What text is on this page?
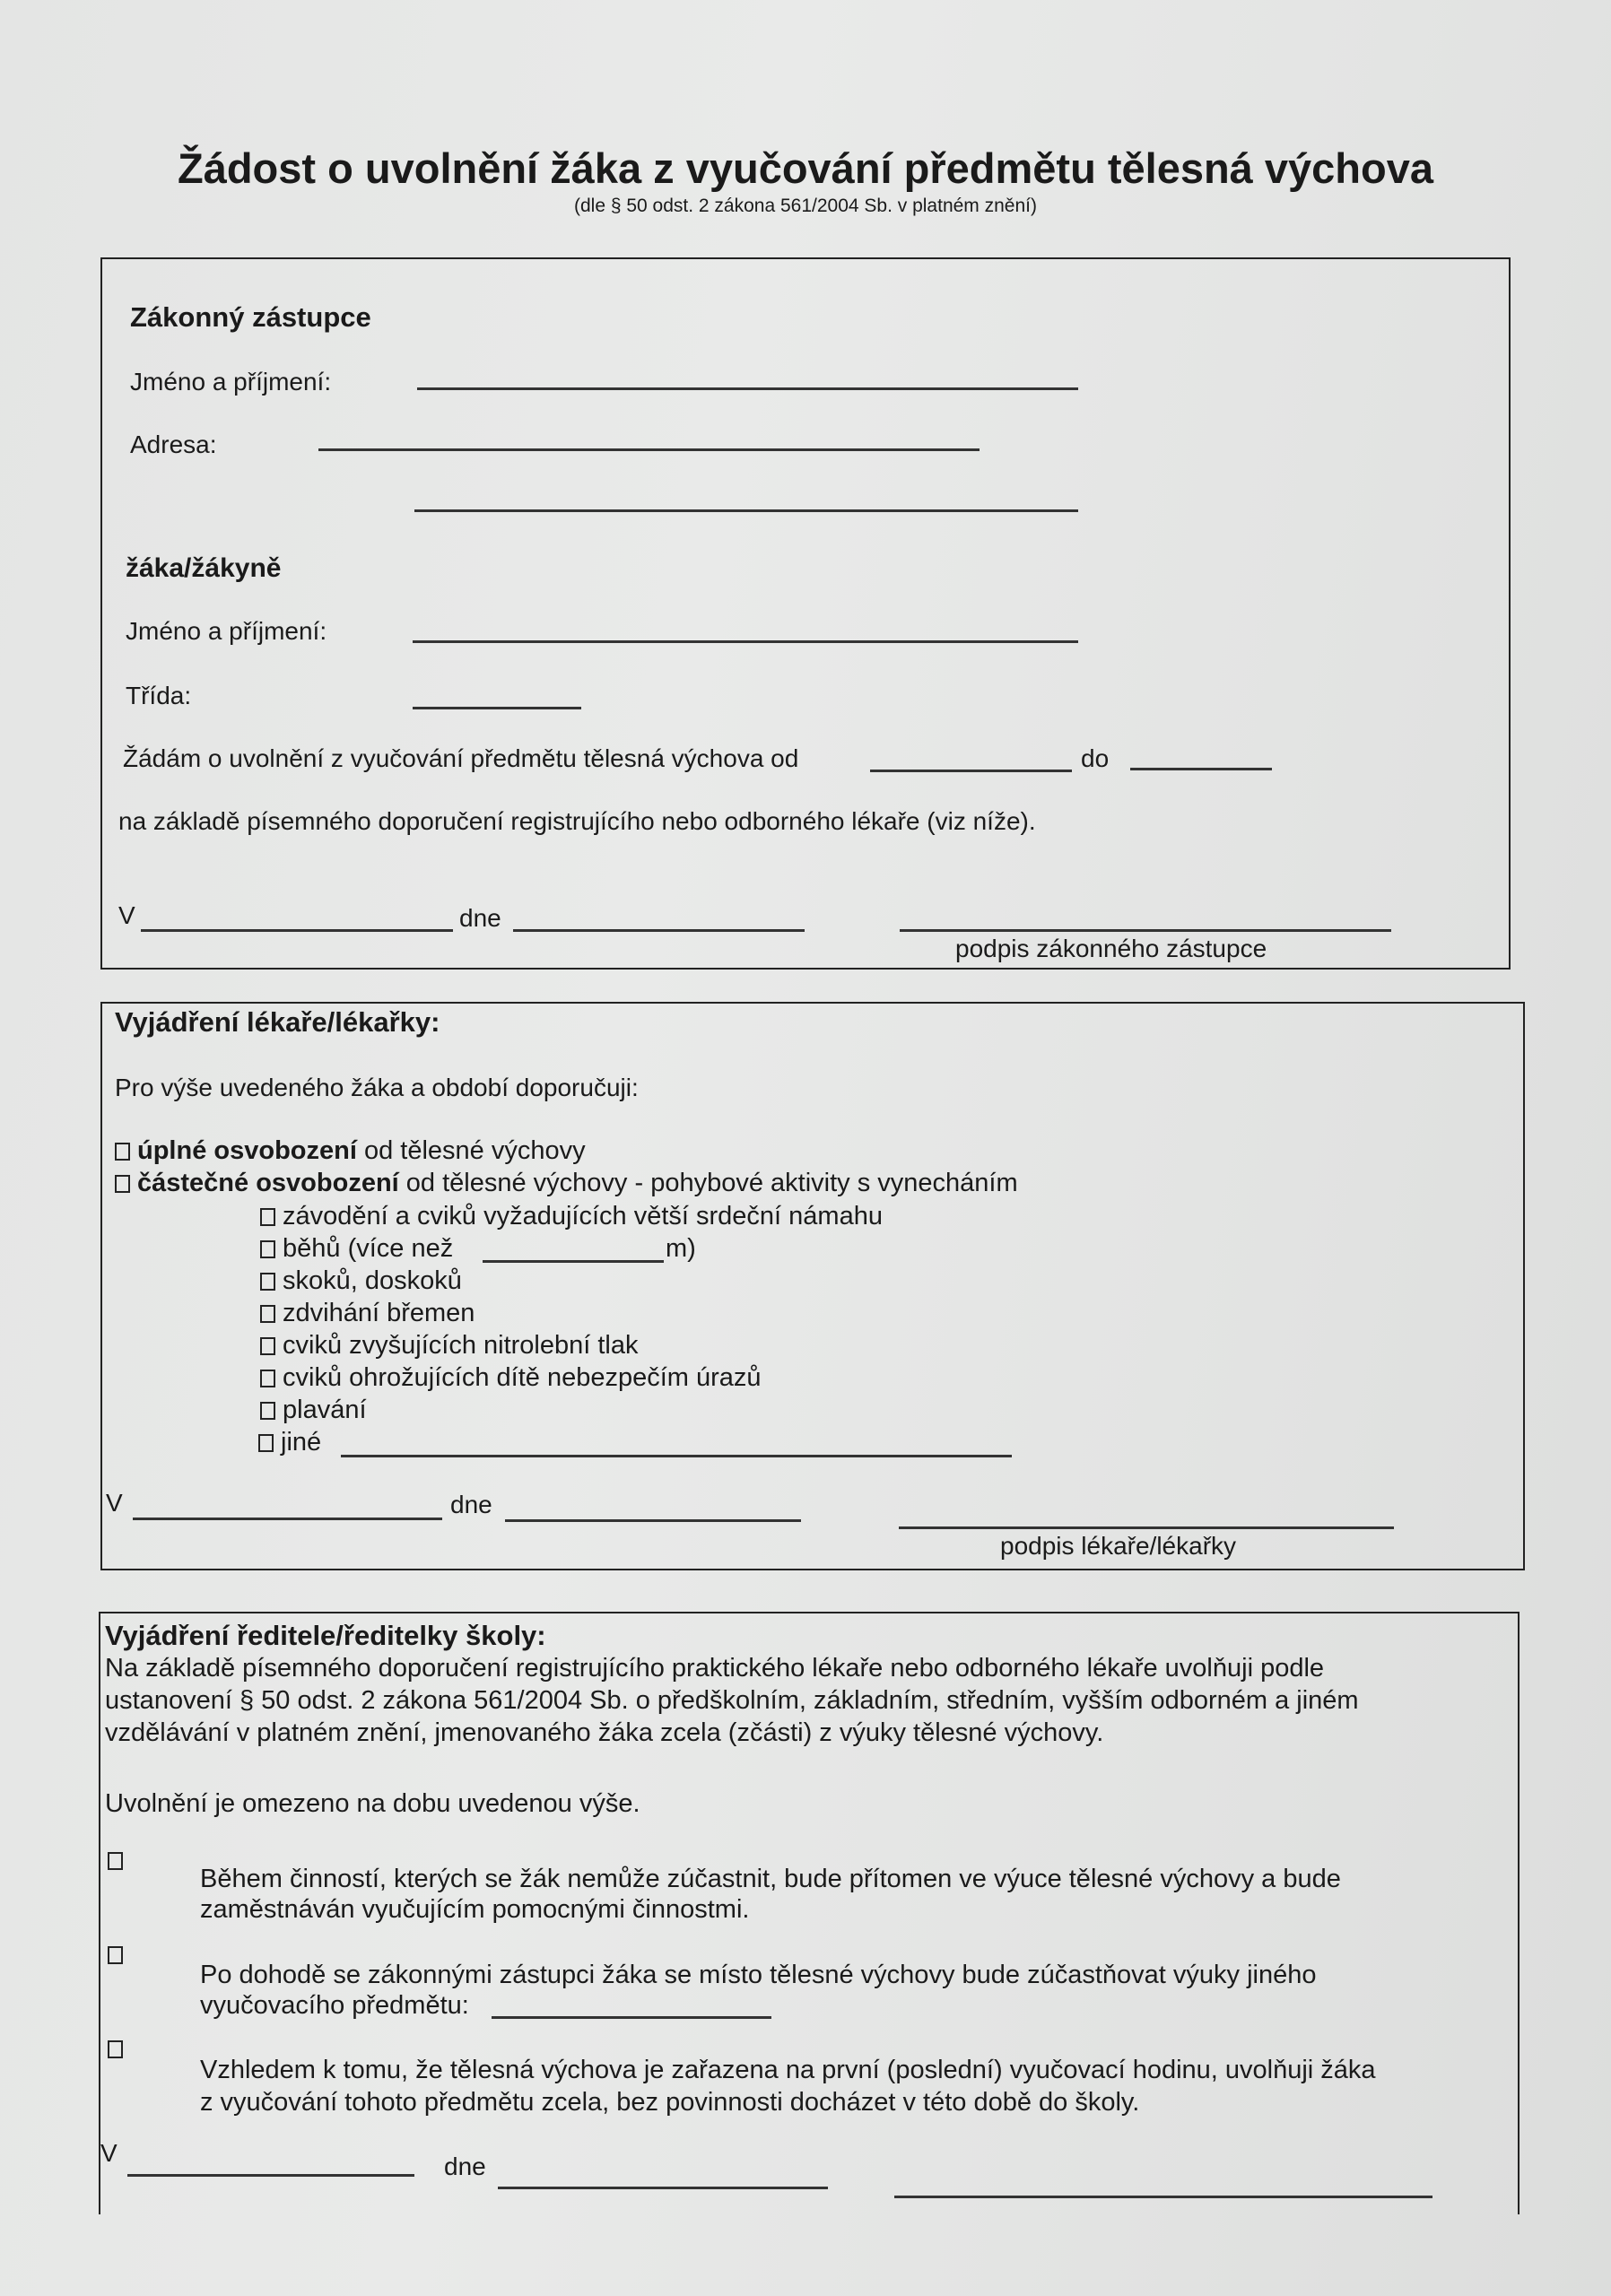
Žádost o uvolnění žáka z vyučování předmětu tělesná výchova
(dle § 50 odst. 2 zákona 561/2004 Sb. v platném znění)
Zákonný zástupce
Jméno a příjmení:
Adresa:
žáka/žákyně
Jméno a příjmení:
Třída:
Žádám o uvolnění z vyučování předmětu tělesná výchova od	do
na základě písemného doporučení registrujícího nebo odborného lékaře (viz níže).
V	dne
podpis zákonného zástupce
Vyjádření lékaře/lékařky:
Pro výše uvedeného žáka a období doporučuji:
úplné osvobození od tělesné výchovy
částečné osvobození od tělesné výchovy - pohybové aktivity s vynecháním
závodění a cviků vyžadujících větší srdeční námahu
běhů (více než	m)
skoků, doskoků
zdvihání břemen
cviků zvyšujících nitrolební tlak
cviků ohrožujících dítě nebezpečím úrazů
plavání
jiné
V	dne
podpis lékaře/lékařky
Vyjádření ředitele/ředitelky školy:
Na základě písemného doporučení registrujícího praktického lékaře nebo odborného lékaře uvolňuji podle
ustanovení § 50 odst. 2 zákona 561/2004 Sb. o předškolním, základním, středním, vyšším odborném a jiném
vzdělávání v platném znění, jmenovaného žáka zcela (zčásti) z výuky tělesné výchovy.
Uvolnění je omezeno na dobu uvedenou výše.
Během činností, kterých se žák nemůže zúčastnit, bude přítomen ve výuce tělesné výchovy a bude
zaměstnáván vyučujícím pomocnými činnostmi.
Po dohodě se zákonnými zástupci žáka se místo tělesné výchovy bude zúčastňovat výuky jiného
vyučovacího předmětu:
Vzhledem k tomu, že tělesná výchova je zařazena na první (poslední) vyučovací hodinu, uvolňuji žáka
z vyučování tohoto předmětu zcela, bez povinnosti docházet v této době do školy.
V	dne
